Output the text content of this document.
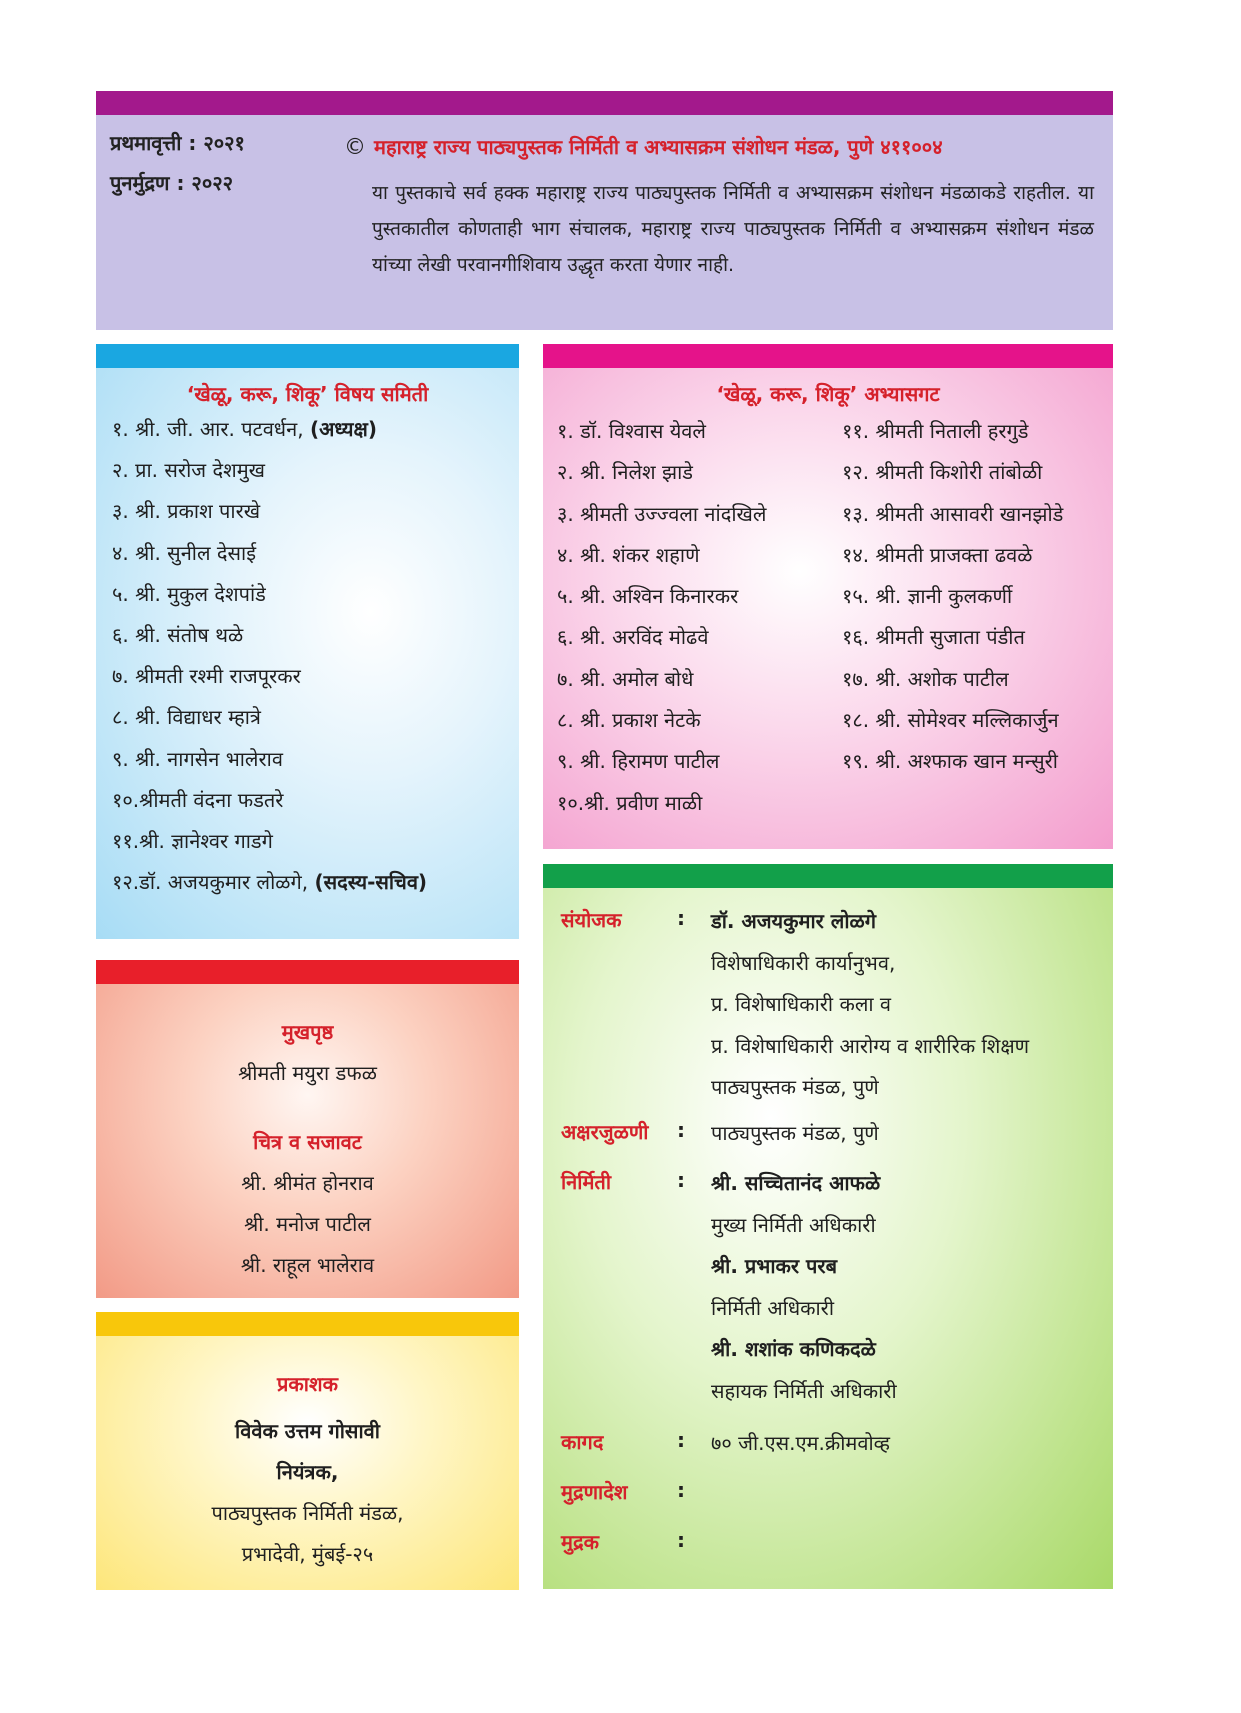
प्रथमावृत्ती : २०२१
पुनर्मुद्रण : २०२२
© महाराष्ट्र राज्य पाठ्यपुस्तक निर्मिती व अभ्यासक्रम संशोधन मंडळ, पुणे ४११००४
या पुस्तकाचे सर्व हक्क महाराष्ट्र राज्य पाठ्यपुस्तक निर्मिती व अभ्यासक्रम संशोधन मंडळाकडे राहतील. या पुस्तकातील कोणताही भाग संचालक, महाराष्ट्र राज्य पाठ्यपुस्तक निर्मिती व अभ्यासक्रम संशोधन मंडळ यांच्या लेखी परवानगीशिवाय उद्धृत करता येणार नाही.
‘खेळू, करू, शिकू’ विषय समिती
१. श्री. जी. आर. पटवर्धन, (अध्यक्ष)
२. प्रा. सरोज देशमुख
३. श्री. प्रकाश पारखे
४. श्री. सुनील देसाई
५. श्री. मुकुल देशपांडे
६. श्री. संतोष थळे
७. श्रीमती रश्मी राजपूरकर
८. श्री. विद्याधर म्हात्रे
९. श्री. नागसेन भालेराव
१०.श्रीमती वंदना फडतरे
११.श्री. ज्ञानेश्वर गाडगे
१२.डॉ. अजयकुमार लोळगे, (सदस्य-सचिव)
‘खेळू, करू, शिकू’ अभ्यासगट
१. डॉ. विश्वास येवले
२. श्री. निलेश झाडे
३. श्रीमती उज्ज्वला नांदखिले
४. श्री. शंकर शहाणे
५. श्री. अश्विन किनारकर
६. श्री. अरविंद मोढवे
७. श्री. अमोल बोधे
८. श्री. प्रकाश नेटके
९. श्री. हिरामण पाटील
१०.श्री. प्रवीण माळी
११. श्रीमती निताली हरगुडे
१२. श्रीमती किशोरी तांबोळी
१३. श्रीमती आसावरी खानझोडे
१४. श्रीमती प्राजक्ता ढवळे
१५. श्री. ज्ञानी कुलकर्णी
१६. श्रीमती सुजाता पंडीत
१७. श्री. अशोक पाटील
१८. श्री. सोमेश्वर मल्लिकार्जुन
१९. श्री. अश्फाक खान मन्सुरी
संयोजक	: डॉ. अजयकुमार लोळगे
विशेषाधिकारी कार्यानुभव,
प्र. विशेषाधिकारी कला व
प्र. विशेषाधिकारी आरोग्य व शारीरिक शिक्षण
पाठ्यपुस्तक मंडळ, पुणे
अक्षरजुळणी : पाठ्यपुस्तक मंडळ, पुणे
निर्मिती	: श्री. सच्चितानंद आफळे
मुख्य निर्मिती अधिकारी
श्री. प्रभाकर परब
निर्मिती अधिकारी
श्री. शशांक कणिकदळे
सहायक निर्मिती अधिकारी
कागद	: ७० जी.एस.एम.क्रीमवोव्ह
मुद्रणादेश :
मुद्रक	:
मुखपृष्ठ
श्रीमती मयुरा डफळ
चित्र व सजावट
श्री. श्रीमंत होनराव
श्री. मनोज पाटील
श्री. राहूल भालेराव
प्रकाशक
विवेक उत्तम गोसावी
नियंत्रक,
पाठ्यपुस्तक निर्मिती मंडळ,
प्रभादेवी, मुंबई-२५
